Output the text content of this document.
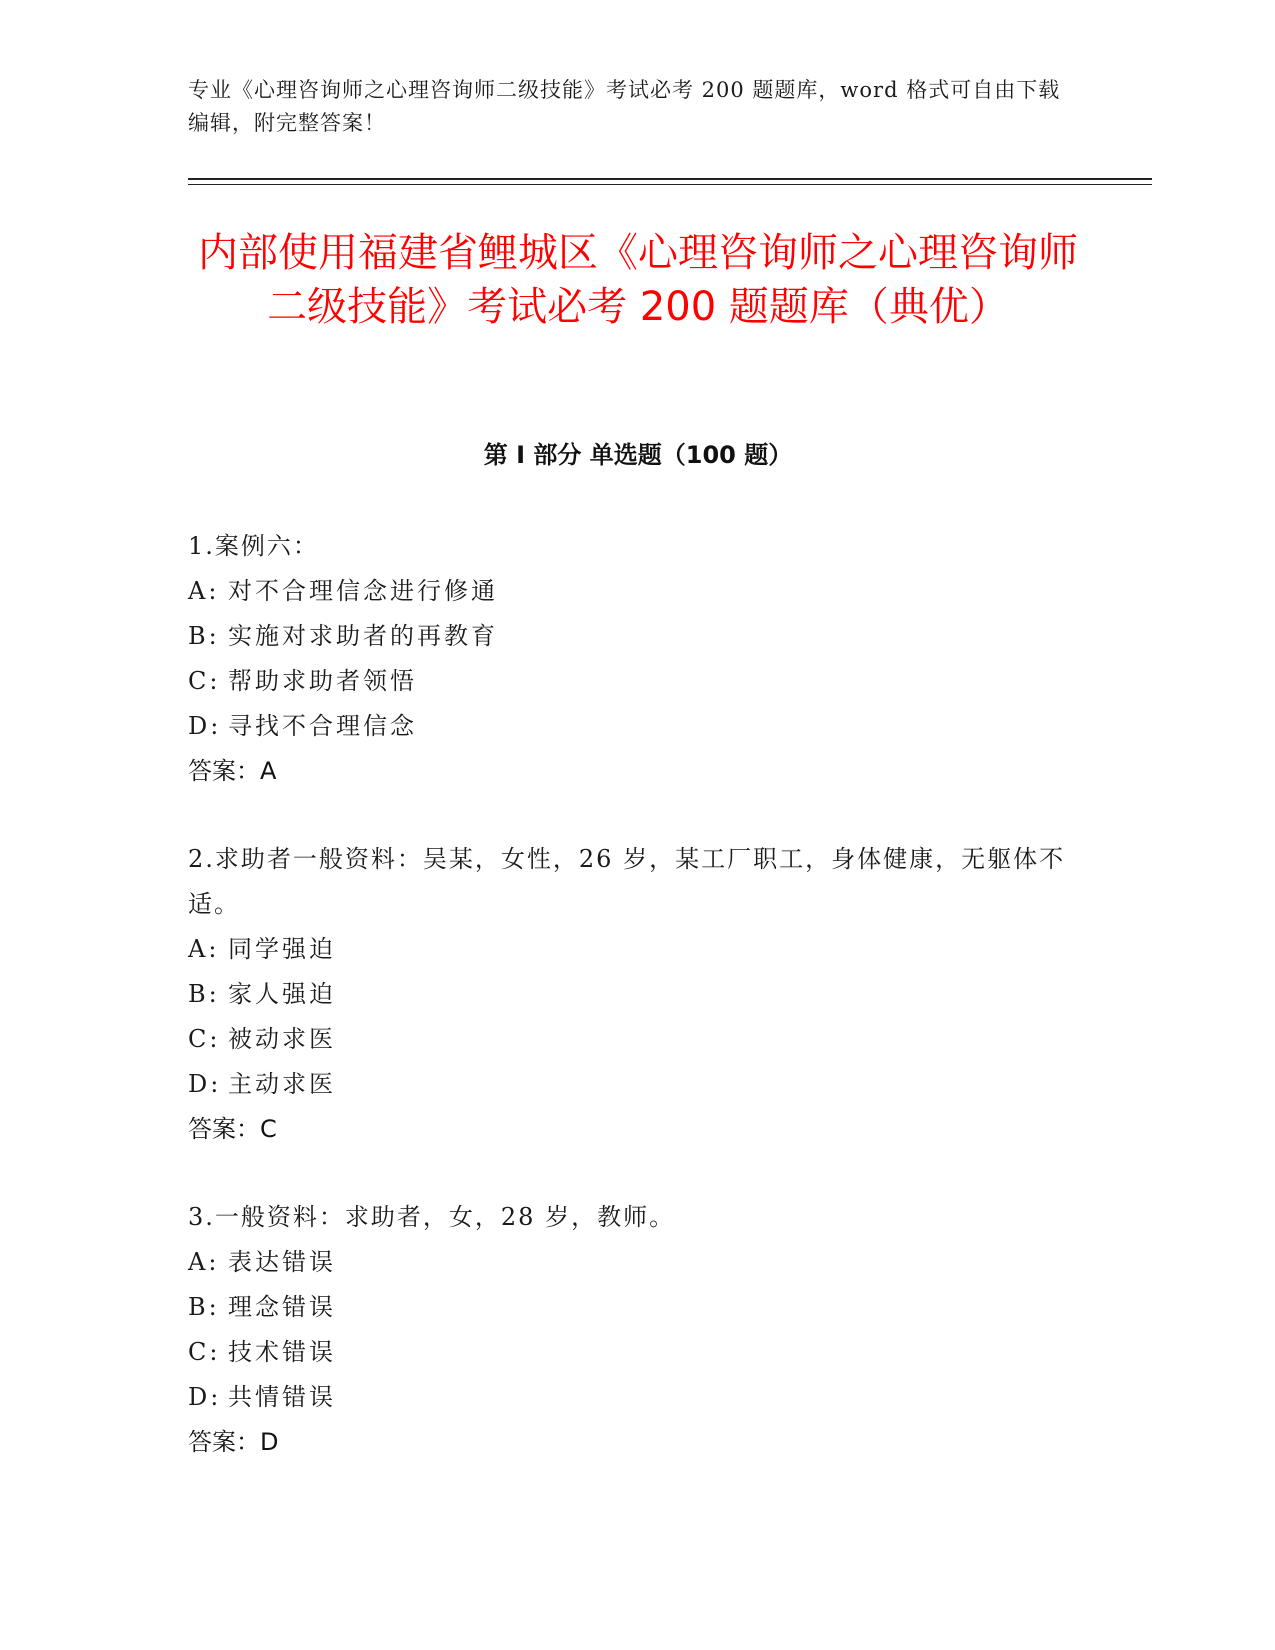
专业《心理咨询师之心理咨询师二级技能》考试必考 200 题题库，word 格式可自由下载编辑，附完整答案！
内部使用福建省鲤城区《心理咨询师之心理咨询师二级技能》考试必考 200 题题库（典优）
第 I 部分 单选题（100 题）
1.案例六：
A: 对不合理信念进行修通
B: 实施对求助者的再教育
C: 帮助求助者领悟
D: 寻找不合理信念
答案：A
2.求助者一般资料：吴某，女性，26 岁，某工厂职工，身体健康，无躯体不适。
A: 同学强迫
B: 家人强迫
C: 被动求医
D: 主动求医
答案：C
3.一般资料：求助者，女，28 岁，教师。
A: 表达错误
B: 理念错误
C: 技术错误
D: 共情错误
答案：D
